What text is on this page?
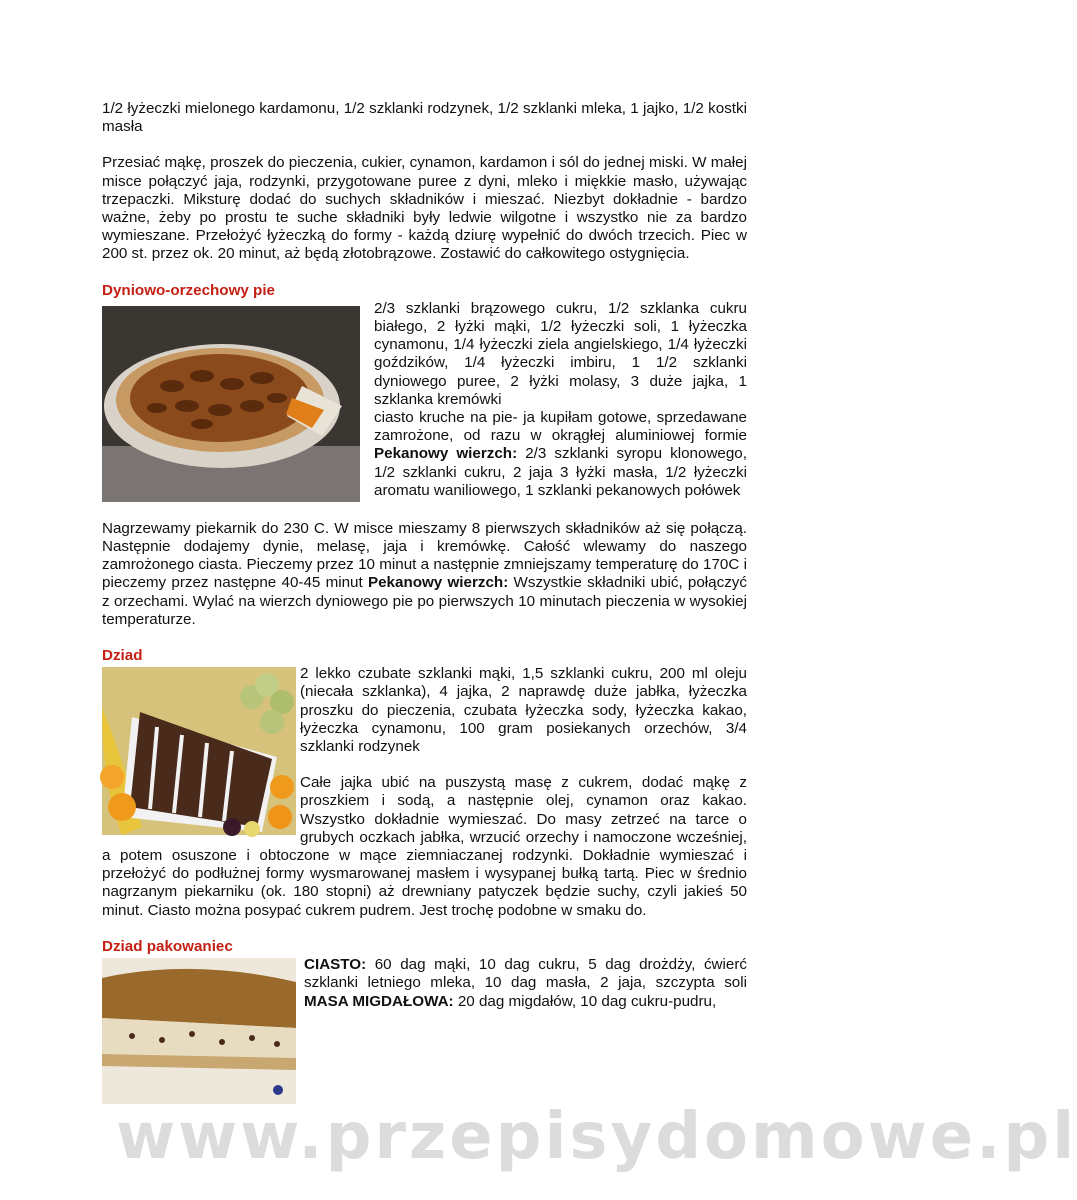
1/2 łyżeczki mielonego kardamonu, 1/2 szklanki rodzynek, 1/2 szklanki mleka, 1 jajko, 1/2 kostki masła

Przesiać mąkę, proszek do pieczenia, cukier, cynamon, kardamon i sól do jednej miski. W małej misce połączyć jaja, rodzynki, przygotowane puree z dyni, mleko i miękkie masło, używając trzepaczki. Miksturę dodać do suchych składników i mieszać. Niezbyt dokładnie - bardzo ważne, żeby po prostu te suche składniki były ledwie wilgotne i wszystko nie za bardzo wymieszane. Przełożyć łyżeczką do formy - każdą dziurę wypełnić do dwóch trzecich. Piec w 200 st. przez ok. 20 minut, aż będą złotobrązowe. Zostawić do całkowitego ostygnięcia.

Dyniowo-orzechowy pie

2/3 szklanki brązowego cukru, 1/2 szklanka cukru białego, 2 łyżki mąki, 1/2 łyżeczki soli, 1 łyżeczka cynamonu, 1/4 łyżeczki ziela angielskiego, 1/4 łyżeczki goździków, 1/4 łyżeczki imbiru, 1 1/2 szklanki dyniowego puree, 2 łyżki molasy, 3 duże jajka, 1 szklanka kremówki
ciasto kruche na pie- ja kupiłam gotowe, sprzedawane zamrożone, od razu w okrągłej aluminiowej formie Pekanowy wierzch: 2/3 szklanki syropu klonowego, 1/2 szklanki cukru, 2 jaja 3 łyżki masła, 1/2 łyżeczki aromatu waniliowego, 1 szklanki pekanowych połówek

Nagrzewamy piekarnik do 230 C. W misce mieszamy 8 pierwszych składników aż się połączą. Następnie dodajemy dynie, melasę, jaja i kremówkę. Całość wlewamy do naszego zamrożonego ciasta. Pieczemy przez 10 minut a następnie zmniejszamy temperaturę do 170C i pieczemy przez następne 40-45 minut Pekanowy wierzch: Wszystkie składniki ubić, połączyć z orzechami. Wylać na wierzch dyniowego pie po pierwszych 10 minutach pieczenia w wysokiej temperaturze.

Dziad

2 lekko czubate szklanki mąki, 1,5 szklanki cukru, 200 ml oleju (niecała szklanka), 4 jajka, 2 naprawdę duże jabłka, łyżeczka proszku do pieczenia, czubata łyżeczka sody, łyżeczka kakao, łyżeczka cynamonu, 100 gram posiekanych orzechów, 3/4 szklanki rodzynek

Całe jajka ubić na puszystą masę z cukrem, dodać mąkę z proszkiem i sodą, a następnie olej, cynamon oraz kakao. Wszystko dokładnie wymieszać. Do masy zetrzeć na tarce o grubych oczkach jabłka, wrzucić orzechy i namoczone wcześniej, a potem osuszone i obtoczone w mące ziemniaczanej rodzynki. Dokładnie wymieszać i przełożyć do podłużnej formy wysmarowanej masłem i wysypanej bułką tartą. Piec w średnio nagrzanym piekarniku (ok. 180 stopni) aż drewniany patyczek będzie suchy, czyli jakieś 50 minut. Ciasto można posypać cukrem pudrem. Jest trochę podobne w smaku do.

Dziad pakowaniec

CIASTO: 60 dag mąki, 10 dag cukru, 5 dag drożdży, ćwierć szklanki letniego mleka, 10 dag masła, 2 jaja, szczypta soli MASA MIGDAŁOWA: 20 dag migdałów, 10 dag cukru-pudru,

www.przepisydomowe.pl
